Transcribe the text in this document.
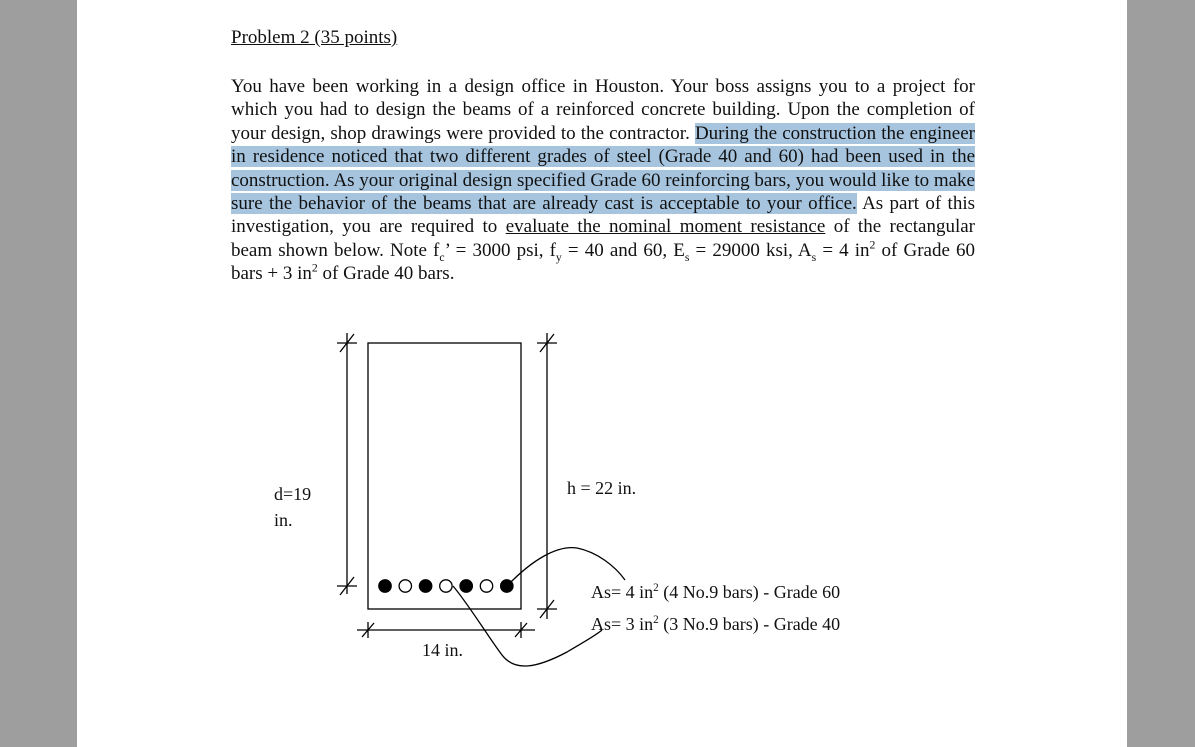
Problem 2 (35 points)
You have been working in a design office in Houston. Your boss assigns you to a project for which you had to design the beams of a reinforced concrete building. Upon the completion of your design, shop drawings were provided to the contractor. During the construction the engineer in residence noticed that two different grades of steel (Grade 40 and 60) had been used in the construction. As your original design specified Grade 60 reinforcing bars, you would like to make sure the behavior of the beams that are already cast is acceptable to your office. As part of this investigation, you are required to evaluate the nominal moment resistance of the rectangular beam shown below. Note $f_c$’ = 3000 psi, $f_y = 40$ and 60, $E_s = 29000$ ksi, $A_s = 4$ $in^2$ of Grade 60 bars + 3 $in^2$ of Grade 40 bars.
d=19
in.
h = 22 in.
14 in.
As= 4 $in^2$ (4 No.9 bars) - Grade 60
As= 3 $in^2$ (3 No.9 bars) - Grade 40
